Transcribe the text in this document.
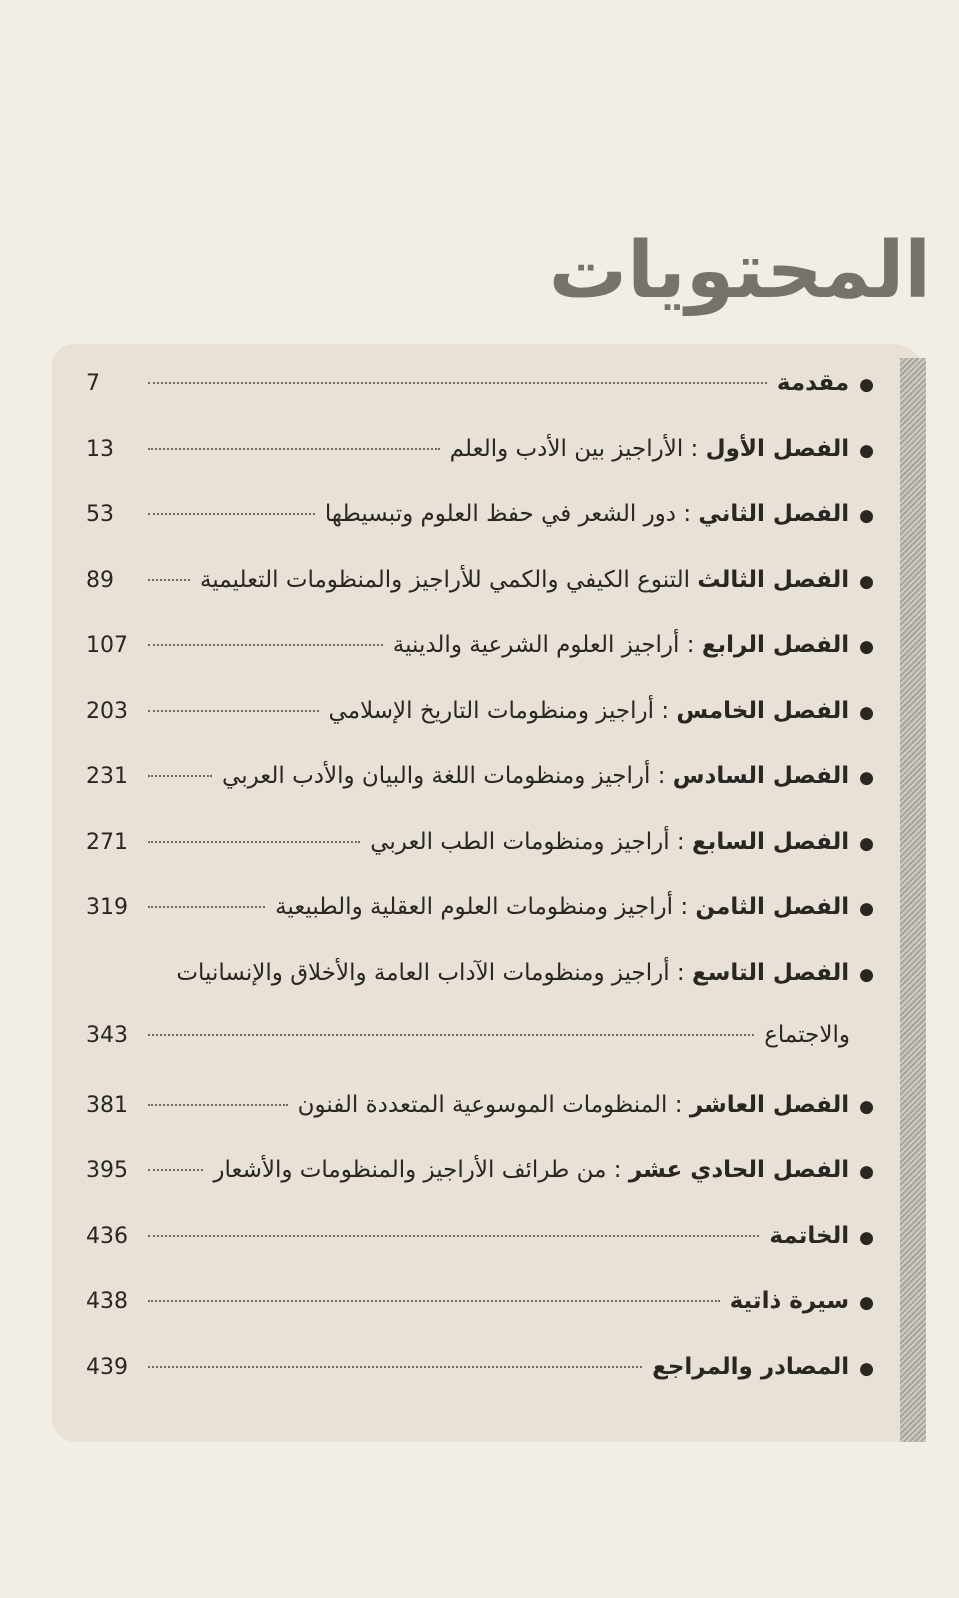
المحتويات
●
مقدمة
7
●
الفصل الأول
:
الأراجيز بين الأدب والعلم
13
●
الفصل الثاني
:
دور الشعر في حفظ العلوم وتبسيطها
53
●
الفصل الثالث

التنوع الكيفي والكمي للأراجيز والمنظومات التعليمية
89
●
الفصل الرابع
:
أراجيز العلوم الشرعية والدينية
107
●
الفصل الخامس
:
أراجيز ومنظومات التاريخ الإسلامي
203
●
الفصل السادس
:
أراجيز ومنظومات اللغة والبيان والأدب العربي
231
●
الفصل السابع
:
أراجيز ومنظومات الطب العربي
271
●
الفصل الثامن
:
أراجيز ومنظومات العلوم العقلية والطبيعية
319
●
الفصل التاسع
:
أراجيز ومنظومات الآداب العامة والأخلاق والإنسانيات
والاجتماع
343
●
الفصل العاشر
:
المنظومات الموسوعية المتعددة الفنون
381
●
الفصل الحادي عشر
:
من طرائف الأراجيز والمنظومات والأشعار
395
●
الخاتمة
436
●
سيرة ذاتية
438
●
المصادر والمراجع
439
